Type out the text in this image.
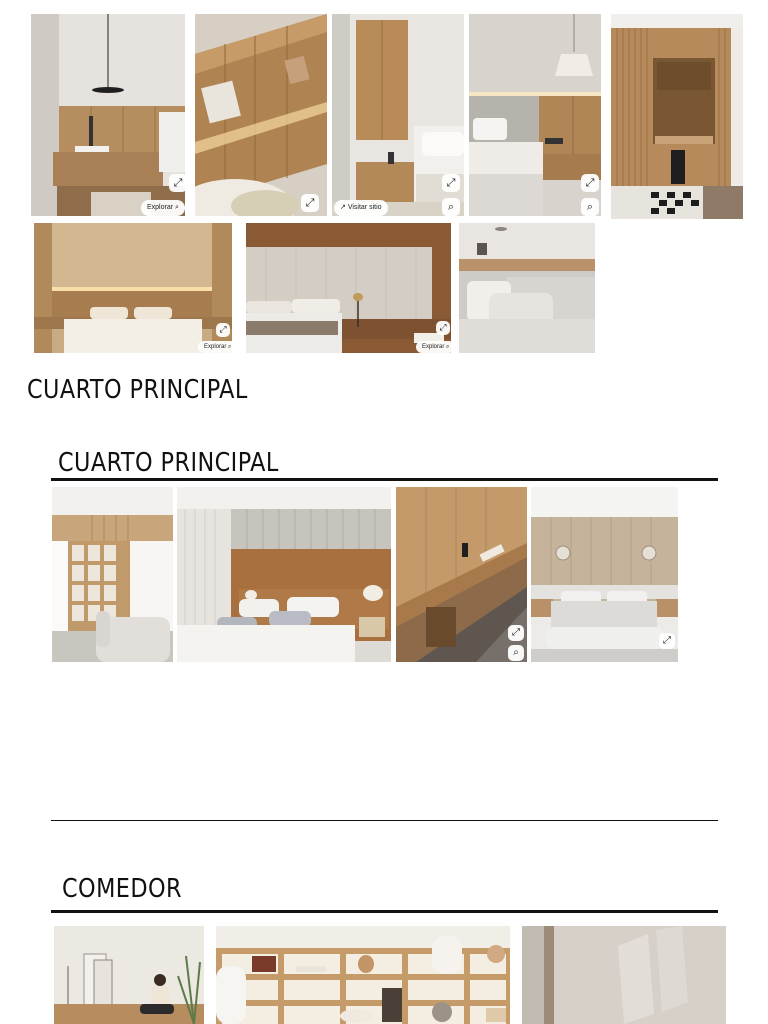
⤢
Explorar ⌕	⤢
⤢
↗ Visitar sitio	⌕
⤢
⌕
⤢
Explorar ⌕
⤢
Explorar ⌕
CUARTO PRINCIPAL
CUARTO PRINCIPAL
⤢
⌕
⤢
COMEDOR
